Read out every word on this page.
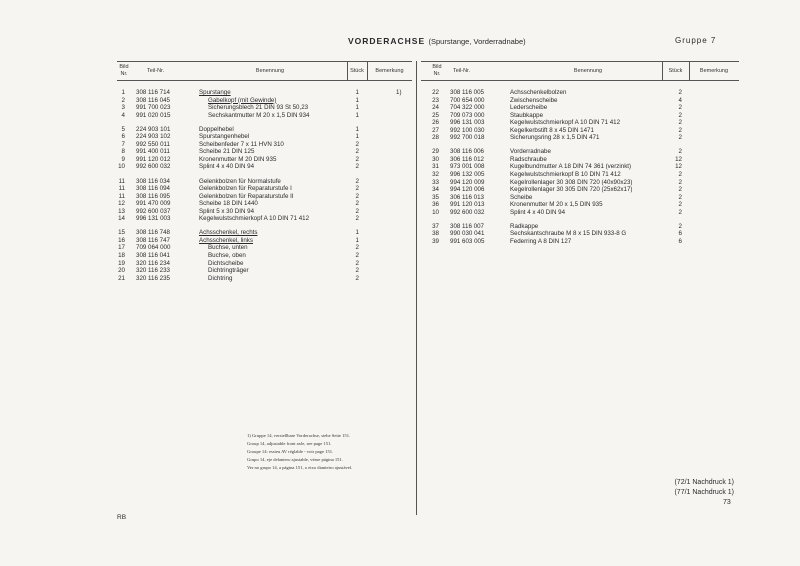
VORDERACHSE (Spurstange, Vorderradnabe)	Gruppe 7
Bild
Nr.	Teil-Nr.	Benennung	Stück	Bemerkung
1 308 116 714	Spurstange	1	1)
2 308 116 045	Gabelkopf (mit Gewinde)	1
3 991 700 023	Sicherungsblech 21 DIN 93 St 50,23	1
4 991 020 015	Sechskantmutter M 20 x 1,5 DIN 934	1
5 224 903 101	Doppelhebel	1
6 224 903 102	Spurstangenhebel	1
7 992 550 011	Scheibenfeder 7 x 11 HVN 310	2
8 991 400 011	Scheibe 21 DIN 125	2
9 991 120 012	Kronenmutter M 20 DIN 935	2
10 992 600 032	Splint 4 x 40 DIN 94	2
11 308 116 034	Gelenkbolzen für Normalstufe	2
11 308 116 094	Gelenkbolzen für Reparaturstufe I	2
11 308 116 095	Gelenkbolzen für Reparaturstufe II	2
12 991 470 009	Scheibe 18 DIN 1440	2
13 992 600 037	Splint 5 x 30 DIN 94	2
14 996 131 003	Kegelwulstschmierkopf A 10 DIN 71 412	2
15 308 116 748	Achsschenkel, rechts	1
16 308 116 747	Achsschenkel, links	1
17 709 064 000	Buchse, unten	2
18 308 116 041	Buchse, oben	2
19 320 116 234	Dichtscheibe	2
20 320 116 233	Dichtringträger	2
21 320 116 235	Dichtring	2
Bild
Nr.	Teil-Nr.	Benennung	Stück	Bemerkung
22 308 116 005	Achsschenkelbolzen	2
23 700 654 000	Zwischenscheibe	4
24 704 322 000	Lederscheibe	2
25 709 073 000	Staubkappe	2
26 996 131 003	Kegelwulstschmierkopf A 10 DIN 71 412	2
27 992 100 030	Kegelkerbstift 8 x 45 DIN 1471	2
28 992 700 018	Sicherungsring 28 x 1,5 DIN 471	2
29 308 116 006	Vorderradnabe	2
30 306 116 012	Radschraube	12
31 973 001 008	Kugelbundmutter A 18 DIN 74 361 (verzinkt)	12
32 996 132 005	Kegelwulstschmierkopf B 10 DIN 71 412	2
33 994 120 009	Kegelrollenlager 30 308 DIN 720 (40x90x23)	2
34 994 120 006	Kegelrollenlager 30 305 DIN 720 (25x62x17)	2
35 306 116 013	Scheibe	2
36 991 120 013	Kronenmutter M 20 x 1,5 DIN 935	2
10 992 600 032	Splint 4 x 40 DIN 94	2
37 308 116 007	Radkappe	2
38 990 030 041	Sechskantschraube M 8 x 15 DIN 933-8 G	6
39 991 603 005	Federring A 8 DIN 127	6
1) Gruppe 14, verstellbare Vorderachse, siehe Seite 151.
Group 14, adjustable front axle, see page 151.
Groupe 14: essieu AV réglable - voir page 151.
Grupo 14, eje delantero ajustable, véase página 151.
Ver no grupo 14, a página 151, o eixo dianteiro ajustável.
(72/1 Nachdruck 1)
(77/1 Nachdruck 1)
73
RB
